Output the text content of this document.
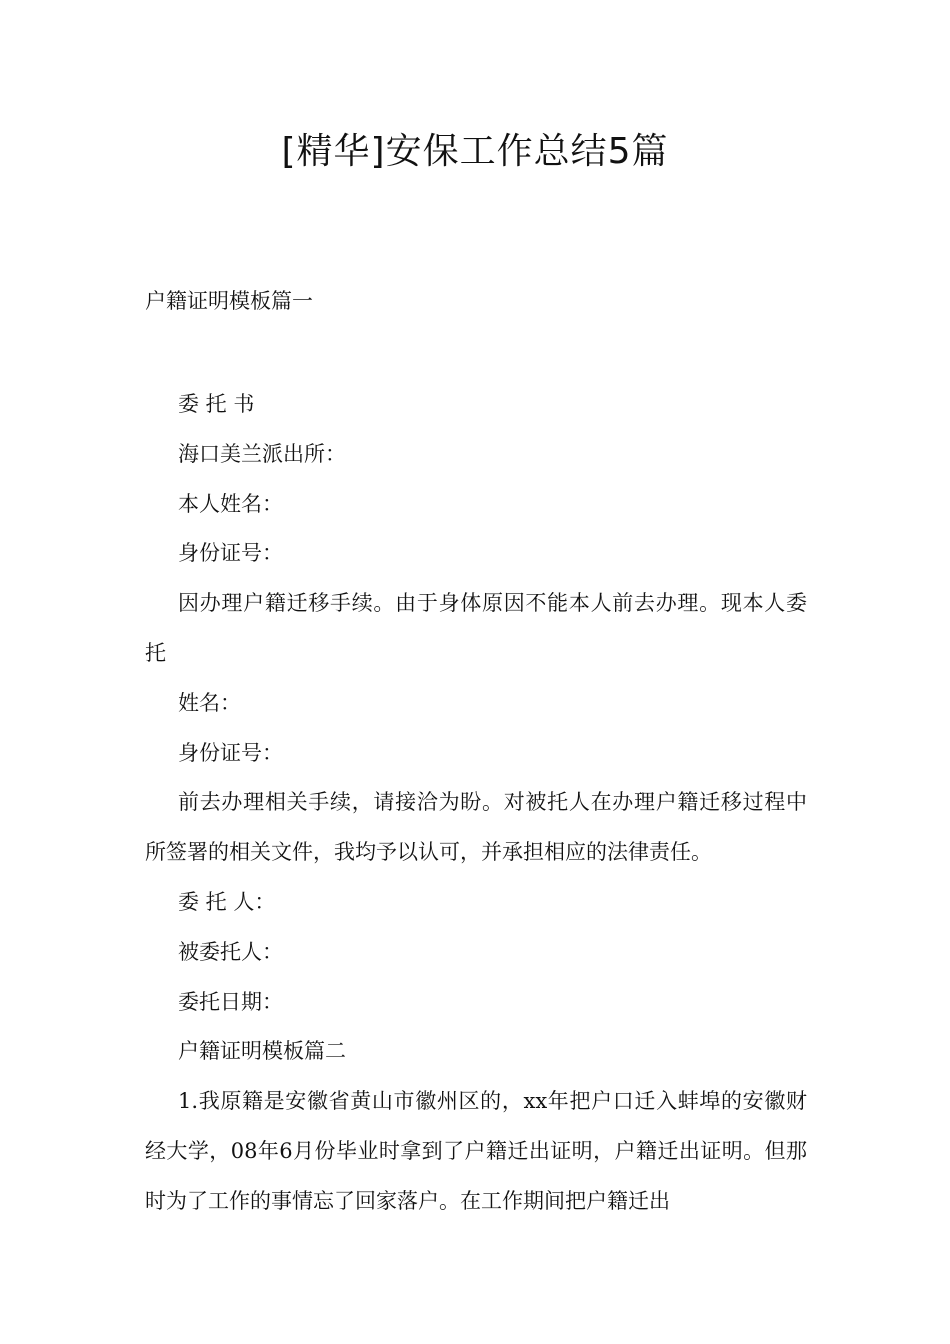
[精华]安保工作总结5篇
户籍证明模板篇一

委 托 书

海口美兰派出所：

本人姓名：

身份证号：

因办理户籍迁移手续。由于身体原因不能本人前去办理。现本人委托

姓名：

身份证号：

前去办理相关手续，请接洽为盼。对被托人在办理户籍迁移过程中所签署的相关文件，我均予以认可，并承担相应的法律责任。

委 托 人：

被委托人：

委托日期：

户籍证明模板篇二

1.我原籍是安徽省黄山市徽州区的，xx年把户口迁入蚌埠的安徽财经大学，08年6月份毕业时拿到了户籍迁出证明，户籍迁出证明。但那时为了工作的事情忘了回家落户。在工作期间把户籍迁出
